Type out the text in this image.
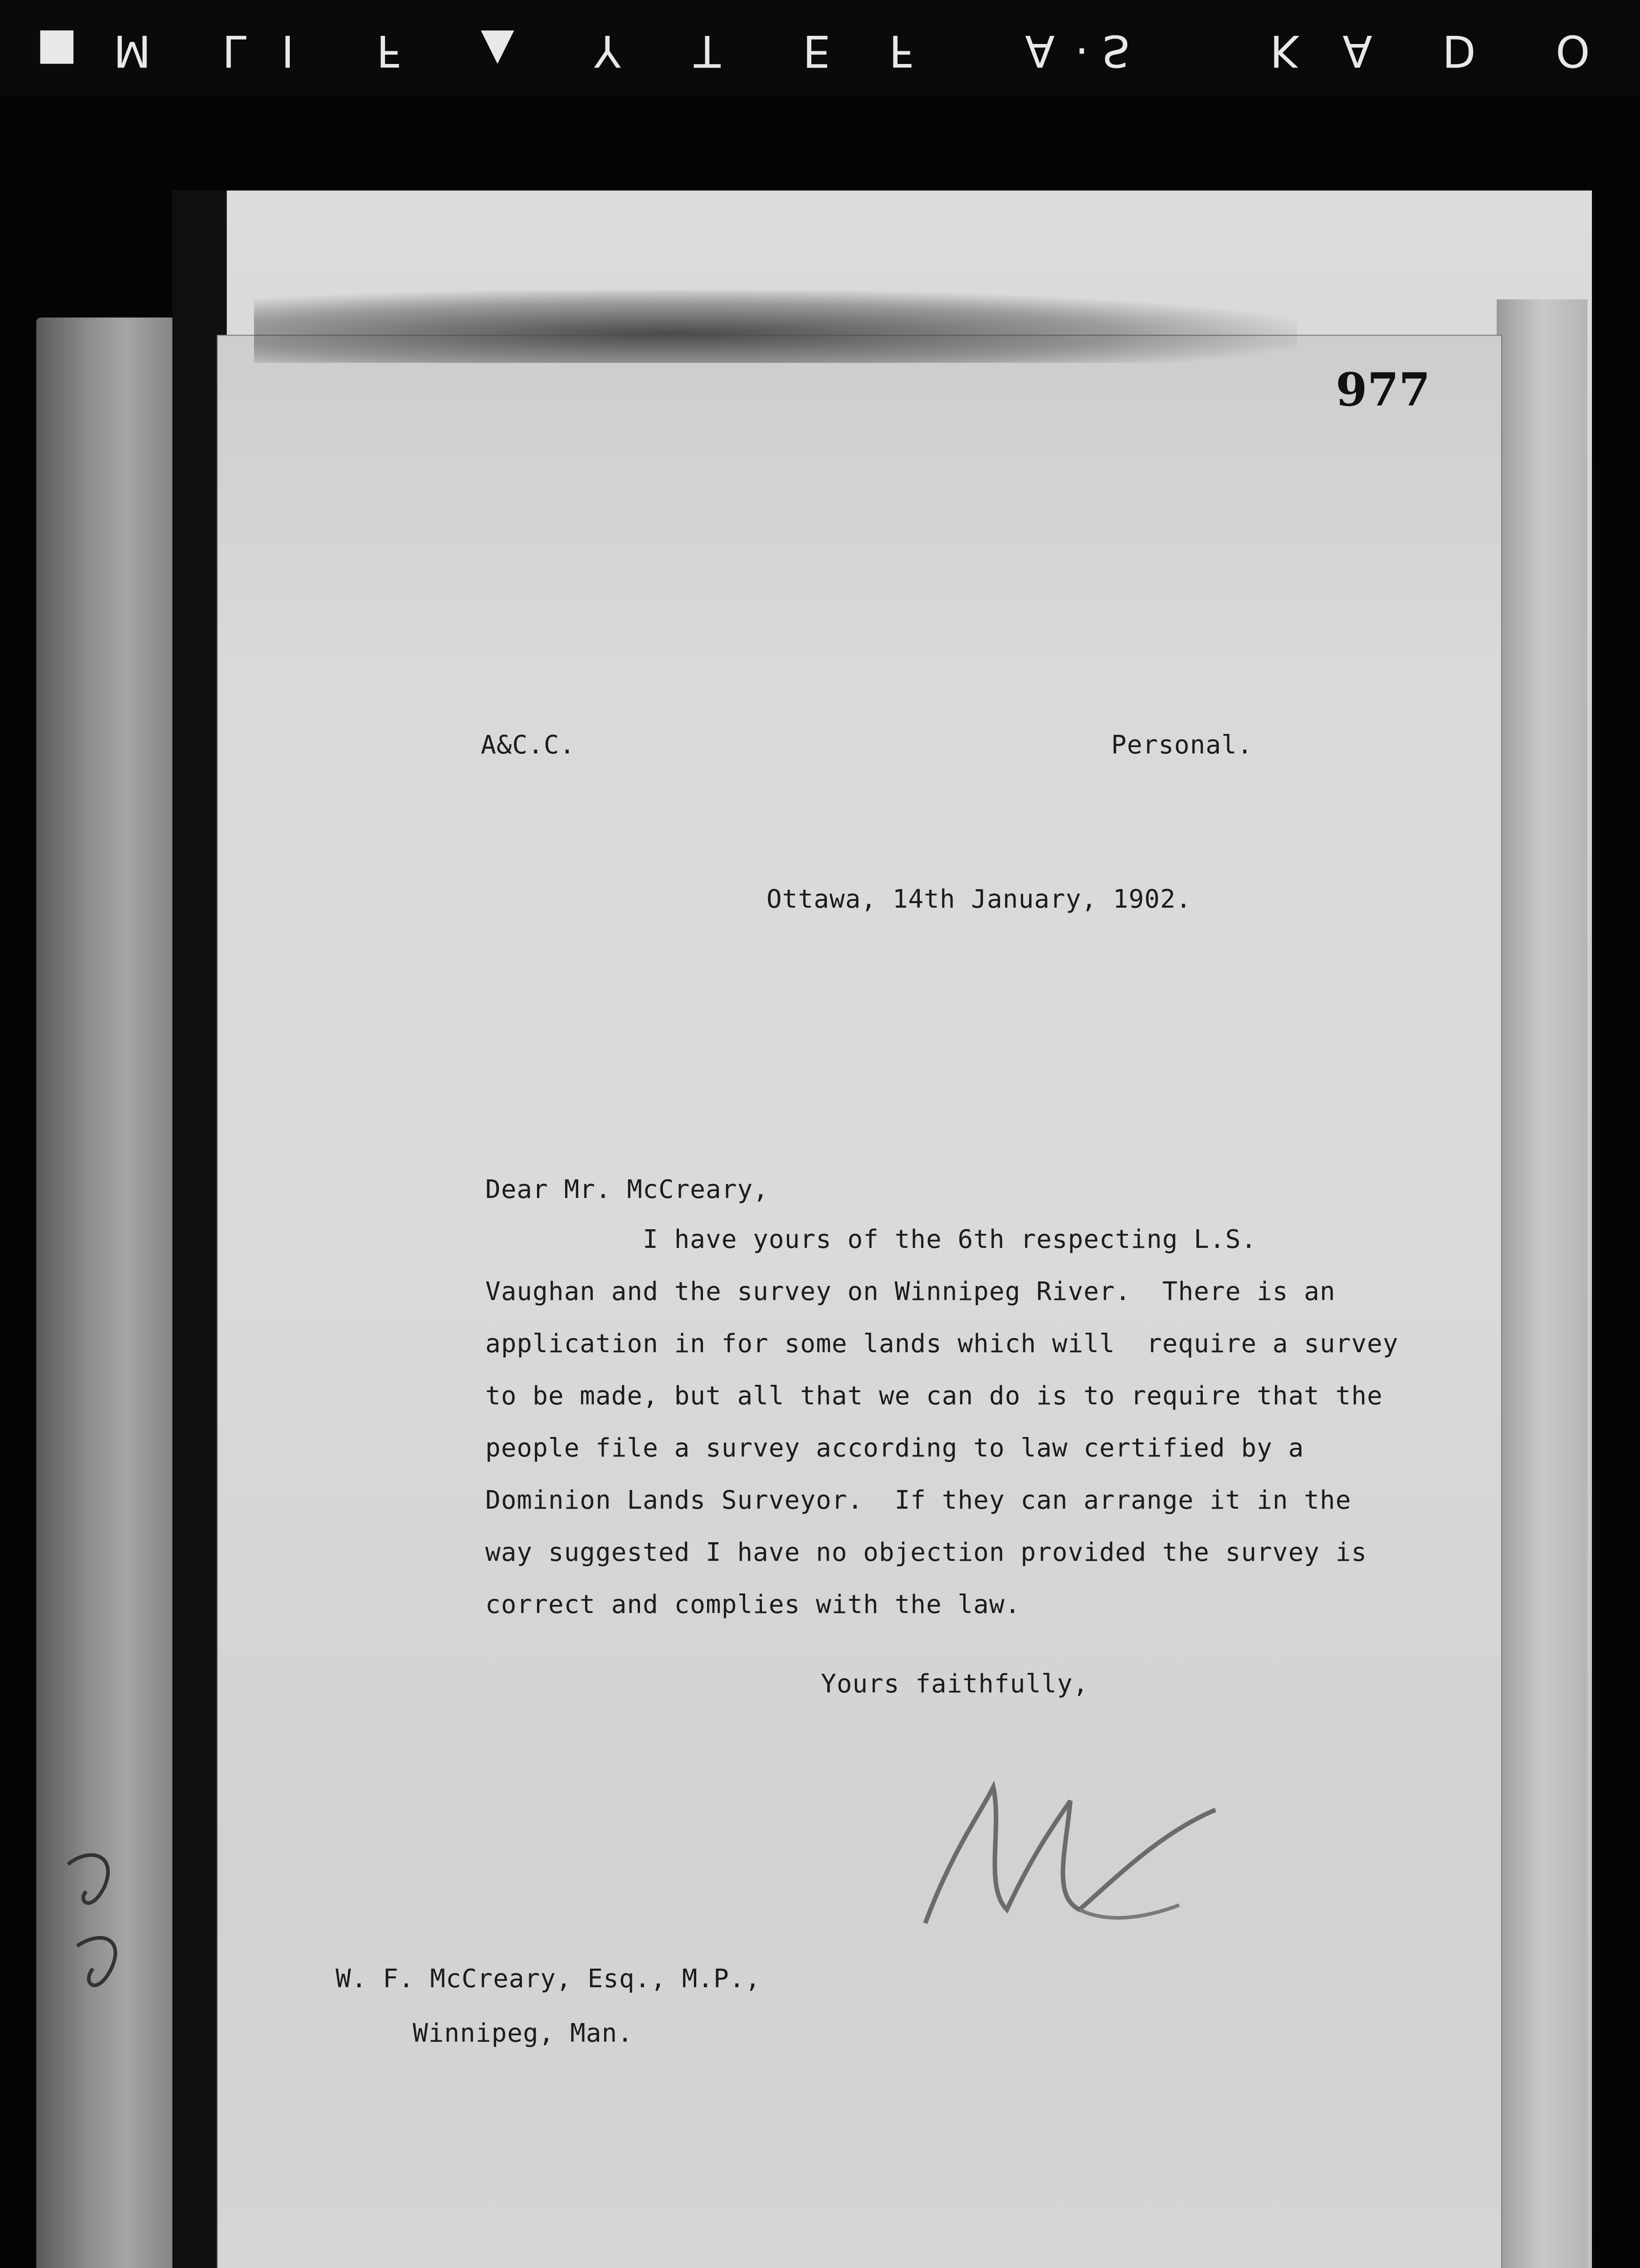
O
D
A
K
S
·
A
F
E
T
Y
▲
F
I
L
M
■
977
A&C.C.	Personal.
Ottawa, 14th January, 1902.
Dear Mr. McCreary,
I have yours of the 6th respecting L.S.
Vaughan and the survey on Winnipeg River.  There is an
application in for some lands which will  require a survey
to be made, but all that we can do is to require that the
people file a survey according to law certified by a
Dominion Lands Surveyor.  If they can arrange it in the
way suggested I have no objection provided the survey is
correct and complies with the law.
Yours faithfully,
W. F. McCreary, Esq., M.P.,
Winnipeg, Man.
